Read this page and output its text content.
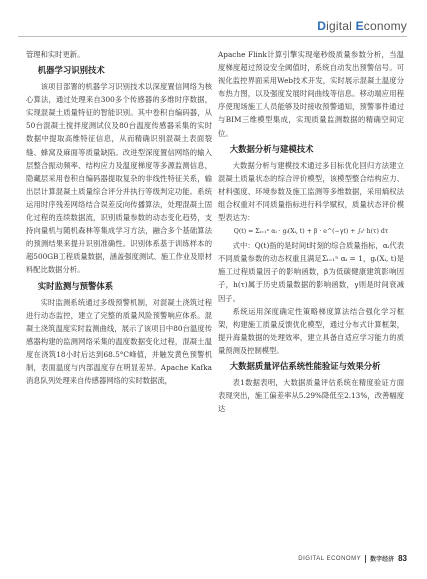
Digital Economy

管理和实时更新。

机器学习识别技术

该项目部署的机器学习识别技术以深度置信网络为核心算法，通过处理来自300多个传感器的多维时序数据，实现混凝土质量特征的智能识别。其中卷积自编码器，从50台混凝土搅拌度测试仪及80台温度传感器采集的实时数据中提取高维特征信息，从而精确识别混凝土表面裂缝、蜂窝及麻面等质量缺陷。改进型深度置信网络的输入层整合振动频率、结构应力及温度梯度等多源监测信息，隐藏层采用卷积自编码器提取复杂的非线性特征关系，输出层计算混凝土质量综合评分并执行等级判定功能。系统运用时序残差网络结合误差反向传播算法，处理混凝土固化过程的连续数据流，识别质量参数的动态变化趋势，支持向量机与随机森林等集成学习方法，融合多个基础算法的预测结果来提升识别准确性。识别体系基于训练样本的超500GB工程质量数据，涵盖强度测试、施工作业及原材料配比数据分析。

实时监测与预警体系

实时监测系统通过多级预警机制，对混凝土浇筑过程进行动态监控，建立了完整的质量风险预警响应体系。混凝土浇筑温度实时监测曲线，展示了该项目中80台温度传感器构建的监测网络采集的温度数据变化过程，混凝土温度在浇筑18小时后达到68.5°C峰值，并触发黄色预警机制，表面温度与内部温度存在明显差异。Apache Kafka消息队列处理来自传感器网络的实时数据流，

Apache Flink计算引擎实现毫秒级质量参数分析，当温度梯度超过预设安全阈值时，系统自动发出预警信号。可视化监控界面采用Web技术开发，实时展示混凝土温度分布热力图，以及强度发展时间曲线等信息。移动端应用程序使现场施工人员能够及时接收预警通知，预警事件通过与BIM三维模型集成，实现质量监测数据的精确空间定位。

大数据分析与建模技术

大数据分析与建模技术通过多目标优化回归方法建立混凝土质量状态的综合评价模型，该模型整合结构应力、材料强度、环境参数及施工监测等多维数据，采用熵权法组合权重对不同质量指标进行科学赋权，质量状态评价模型表达为：

Q(t) = Σᵢ₌₁ⁿ αᵢ · gᵢ(Xᵢ, t) + β · e^(−γt) + ∫₀ᵗ h(τ) dτ

式中：Q(t)指的是时间t时刻的综合质量指标，αᵢ代表不同质量参数的动态权重且满足Σᵢ₌₁ⁿ αᵢ = 1，gᵢ(Xᵢ, t)是施工过程质量因子的影响函数，β为低碳健康建筑影响因子，h(τ)属于历史质量数据的影响函数，γ则是时间衰减因子。

系统运用深度确定性策略梯度算法结合强化学习框架，构建施工质量反馈优化模型，通过分布式计算框架，提升海量数据的处理效率，建立具备自适应学习能力的质量预测及控制模型。

大数据质量评估系统性能验证与效果分析

表1数据表明，大数据质量评估系统在精度验证方面表现突出，施工偏差率从5.29%降低至2.13%，改善幅度达

DIGITAL ECONOMY 数字经济 83
